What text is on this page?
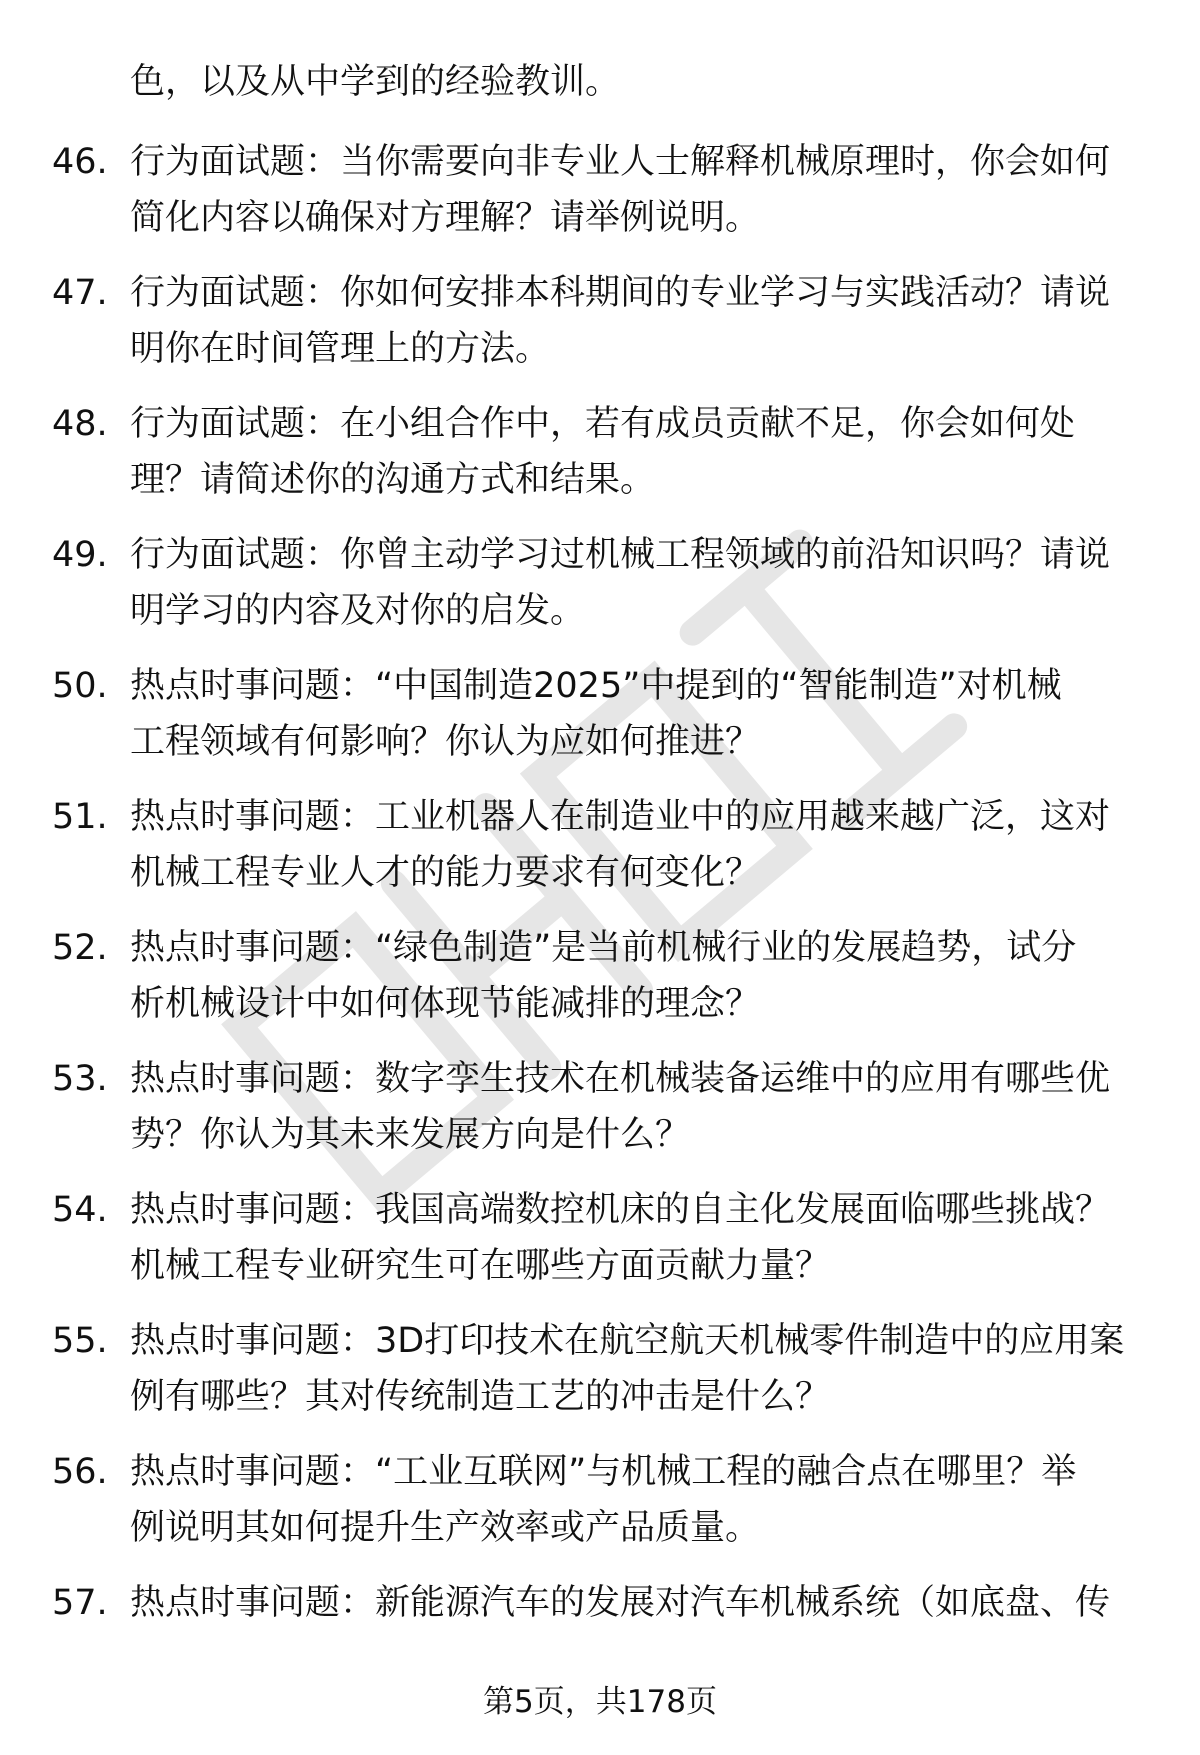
色，以及从中学到的经验教训。
46. 行为面试题：当你需要向非专业人士解释机械原理时，你会如何
简化内容以确保对方理解？请举例说明。
47. 行为面试题：你如何安排本科期间的专业学习与实践活动？请说
明你在时间管理上的方法。
48. 行为面试题：在小组合作中，若有成员贡献不足，你会如何处
理？请简述你的沟通方式和结果。
49. 行为面试题：你曾主动学习过机械工程领域的前沿知识吗？请说
明学习的内容及对你的启发。
50. 热点时事问题：“中国制造2025”中提到的“智能制造”对机械
工程领域有何影响？你认为应如何推进？
51. 热点时事问题：工业机器人在制造业中的应用越来越广泛，这对
机械工程专业人才的能力要求有何变化？
52. 热点时事问题：“绿色制造”是当前机械行业的发展趋势，试分
析机械设计中如何体现节能减排的理念？
53. 热点时事问题：数字孪生技术在机械装备运维中的应用有哪些优
势？你认为其未来发展方向是什么？
54. 热点时事问题：我国高端数控机床的自主化发展面临哪些挑战？
机械工程专业研究生可在哪些方面贡献力量？
55. 热点时事问题：3D打印技术在航空航天机械零件制造中的应用案
例有哪些？其对传统制造工艺的冲击是什么？
56. 热点时事问题：“工业互联网”与机械工程的融合点在哪里？举
例说明其如何提升生产效率或产品质量。
57. 热点时事问题：新能源汽车的发展对汽车机械系统（如底盘、传
第5页，共178页
